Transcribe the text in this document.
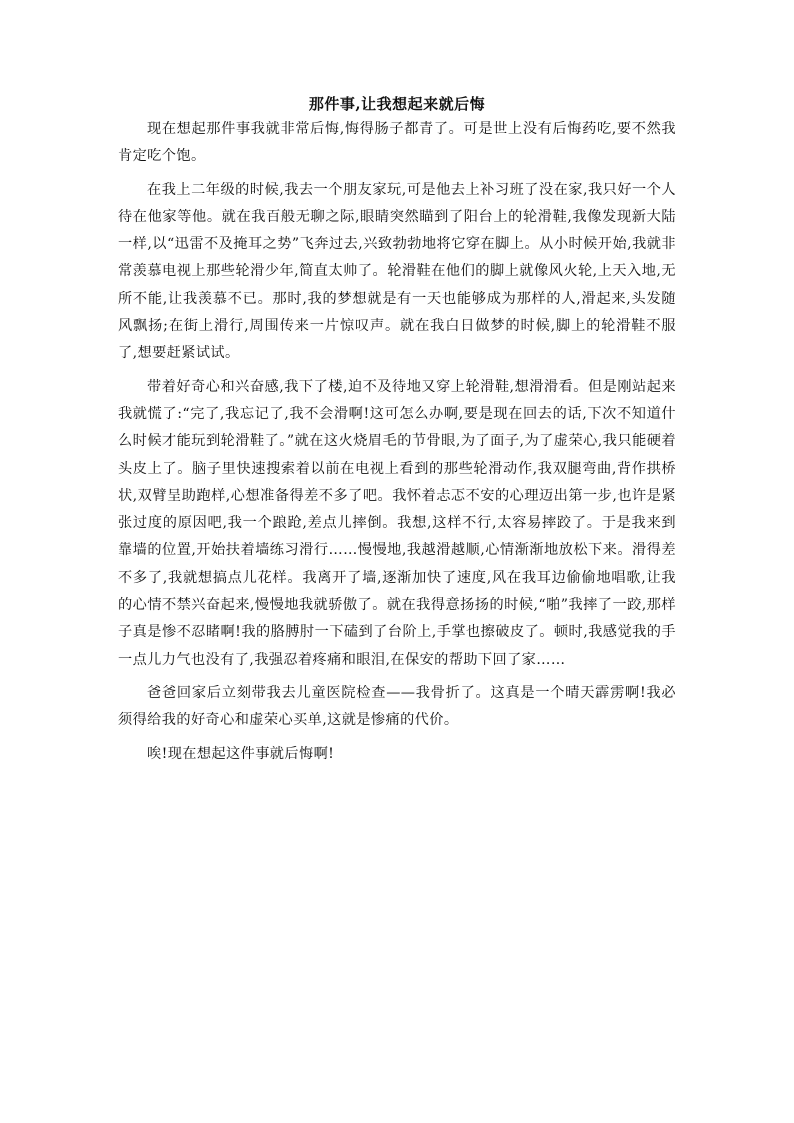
那件事,让我想起来就后悔

现在想起那件事我就非常后悔,悔得肠子都青了。可是世上没有后悔药吃,要不然我肯定吃个饱。

在我上二年级的时候,我去一个朋友家玩,可是他去上补习班了没在家,我只好一个人待在他家等他。就在我百般无聊之际,眼睛突然瞄到了阳台上的轮滑鞋,我像发现新大陆一样,以“迅雷不及掩耳之势”飞奔过去,兴致勃勃地将它穿在脚上。从小时候开始,我就非常羡慕电视上那些轮滑少年,简直太帅了。轮滑鞋在他们的脚上就像风火轮,上天入地,无所不能,让我羡慕不已。那时,我的梦想就是有一天也能够成为那样的人,滑起来,头发随风飘扬;在街上滑行,周围传来一片惊叹声。就在我白日做梦的时候,脚上的轮滑鞋不服了,想要赶紧试试。

带着好奇心和兴奋感,我下了楼,迫不及待地又穿上轮滑鞋,想滑滑看。但是刚站起来我就慌了:“完了,我忘记了,我不会滑啊!这可怎么办啊,要是现在回去的话,下次不知道什么时候才能玩到轮滑鞋了。”就在这火烧眉毛的节骨眼,为了面子,为了虚荣心,我只能硬着头皮上了。脑子里快速搜索着以前在电视上看到的那些轮滑动作,我双腿弯曲,背作拱桥状,双臂呈助跑样,心想准备得差不多了吧。我怀着忐忑不安的心理迈出第一步,也许是紧张过度的原因吧,我一个踉跄,差点儿摔倒。我想,这样不行,太容易摔跤了。于是我来到靠墙的位置,开始扶着墙练习滑行……慢慢地,我越滑越顺,心情渐渐地放松下来。滑得差不多了,我就想搞点儿花样。我离开了墙,逐渐加快了速度,风在我耳边偷偷地唱歌,让我的心情不禁兴奋起来,慢慢地我就骄傲了。就在我得意扬扬的时候,“啪”我摔了一跤,那样子真是惨不忍睹啊!我的胳膊肘一下磕到了台阶上,手掌也擦破皮了。顿时,我感觉我的手一点儿力气也没有了,我强忍着疼痛和眼泪,在保安的帮助下回了家……

爸爸回家后立刻带我去儿童医院检查——我骨折了。这真是一个晴天霹雳啊!我必须得给我的好奇心和虚荣心买单,这就是惨痛的代价。

唉!现在想起这件事就后悔啊!
